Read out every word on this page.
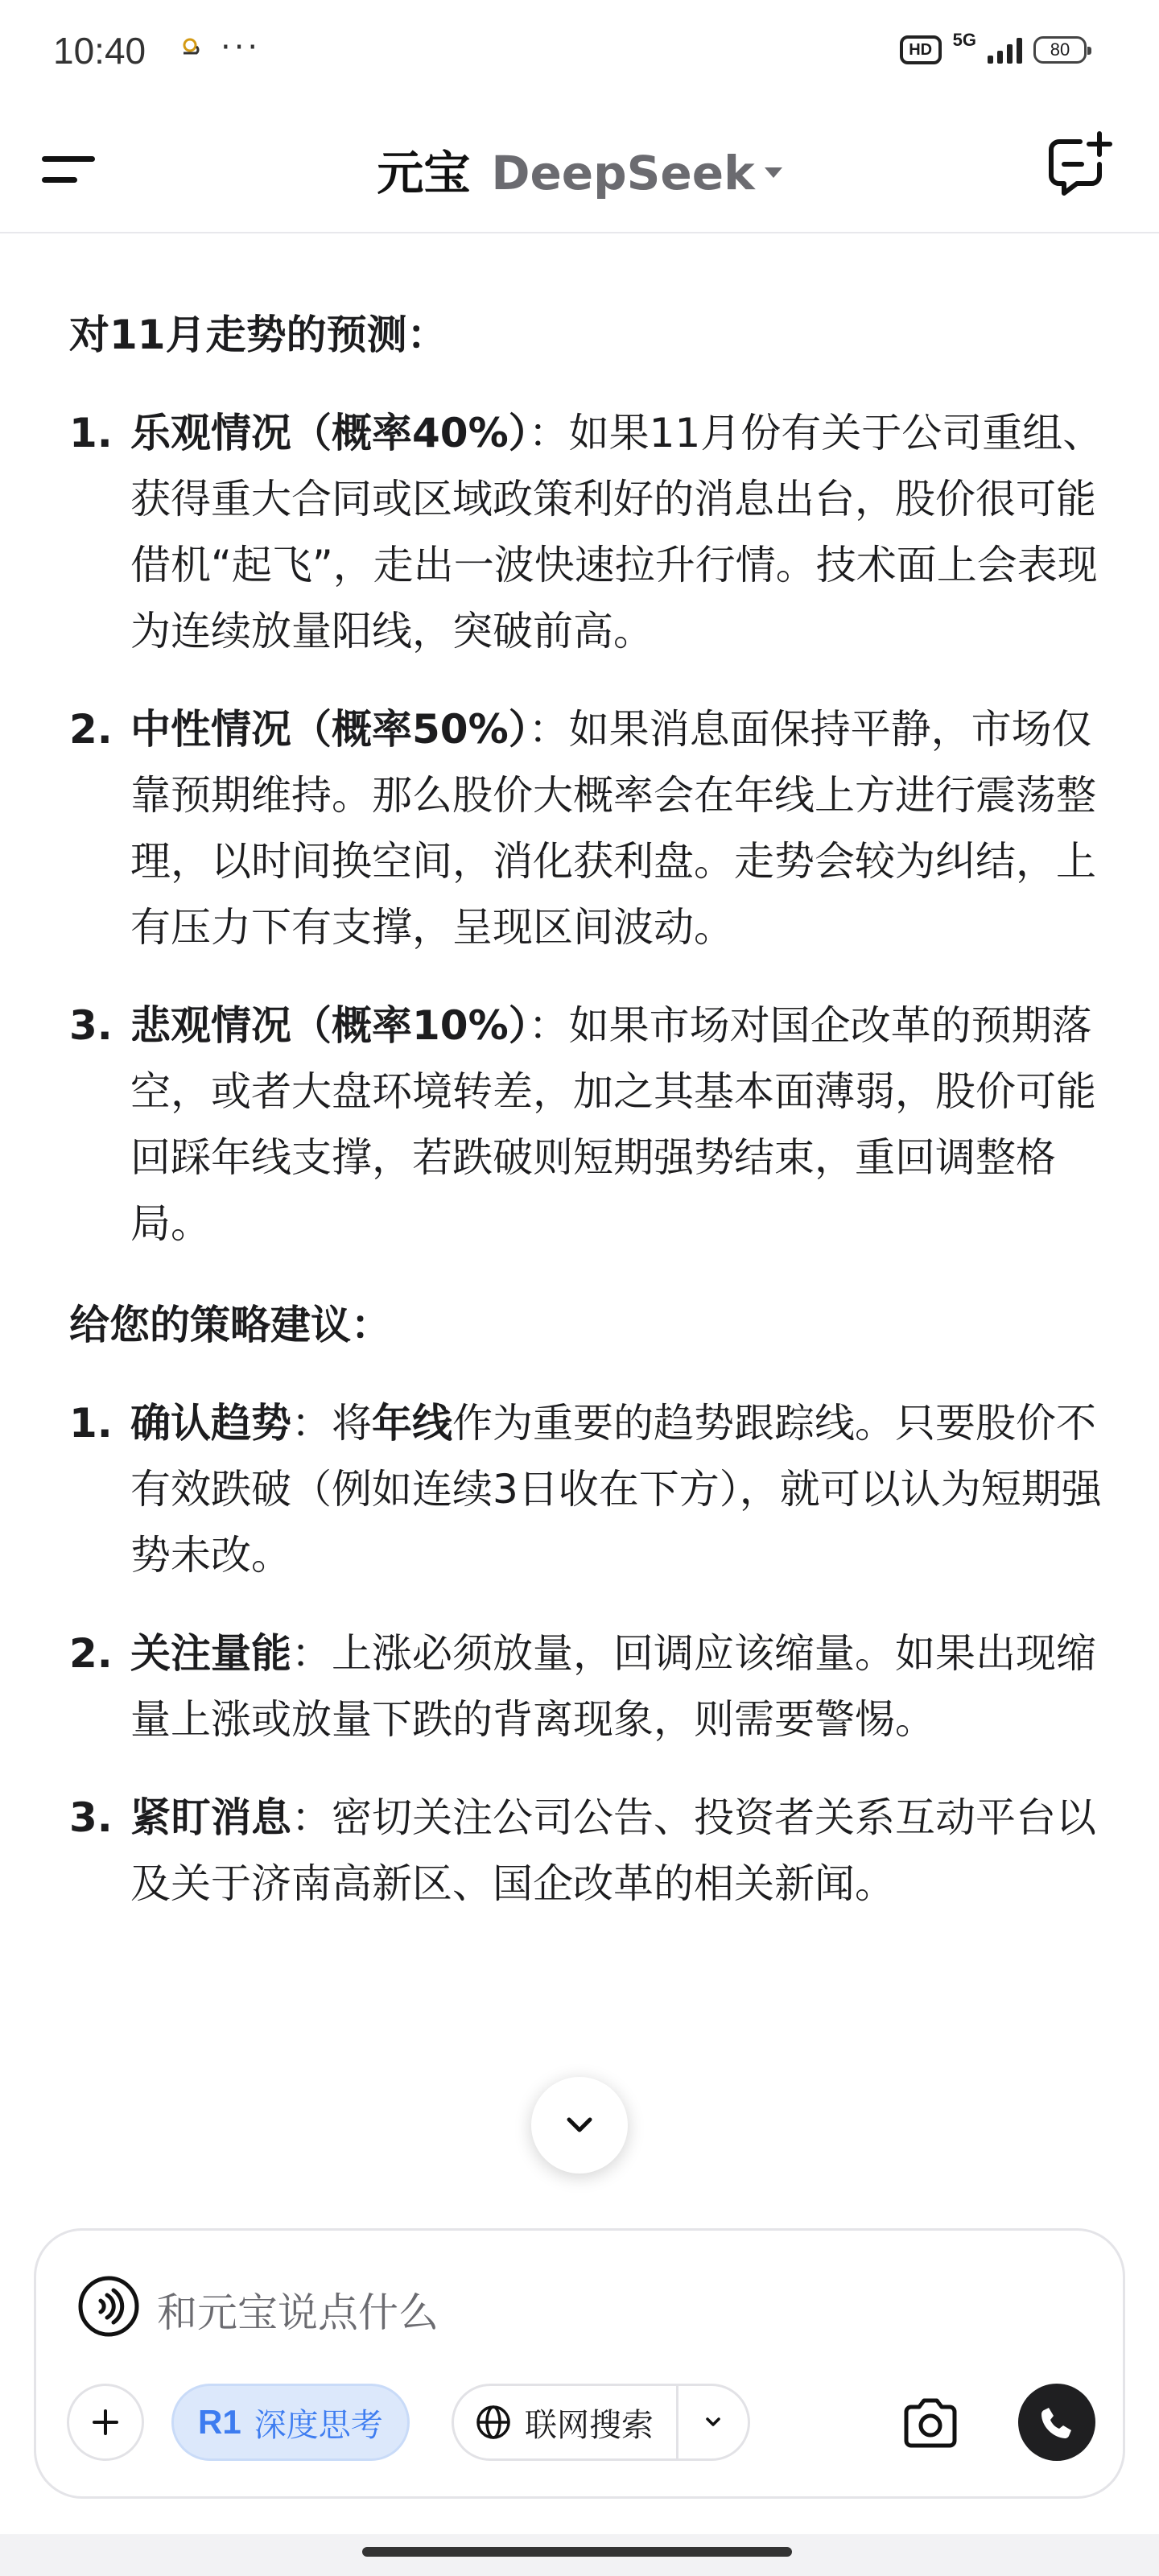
10:40 ···	HD	5G	80
元宝 DeepSeek

对11月走势的预测：

1. 乐观情况（概率40%）：如果11月份有关于公司重组、获得重大合同或区域政策利好的消息出台，股价很可能借机“起飞”，走出一波快速拉升行情。技术面上会表现为连续放量阳线，突破前高。
2. 中性情况（概率50%）：如果消息面保持平静，市场仅靠预期维持。那么股价大概率会在年线上方进行震荡整理，以时间换空间，消化获利盘。走势会较为纠结，上有压力下有支撑，呈现区间波动。
3. 悲观情况（概率10%）：如果市场对国企改革的预期落空，或者大盘环境转差，加之其基本面薄弱，股价可能回踩年线支撑，若跌破则短期强势结束，重回调整格局。

给您的策略建议：

1. 确认趋势：将年线作为重要的趋势跟踪线。只要股价不有效跌破（例如连续3日收在下方），就可以认为短期强势未改。
2. 关注量能：上涨必须放量，回调应该缩量。如果出现缩量上涨或放量下跌的背离现象，则需要警惕。
3. 紧盯消息：密切关注公司公告、投资者关系互动平台以及关于济南高新区、国企改革的相关新闻。
和元宝说点什么
R1 深度思考	联网搜索
